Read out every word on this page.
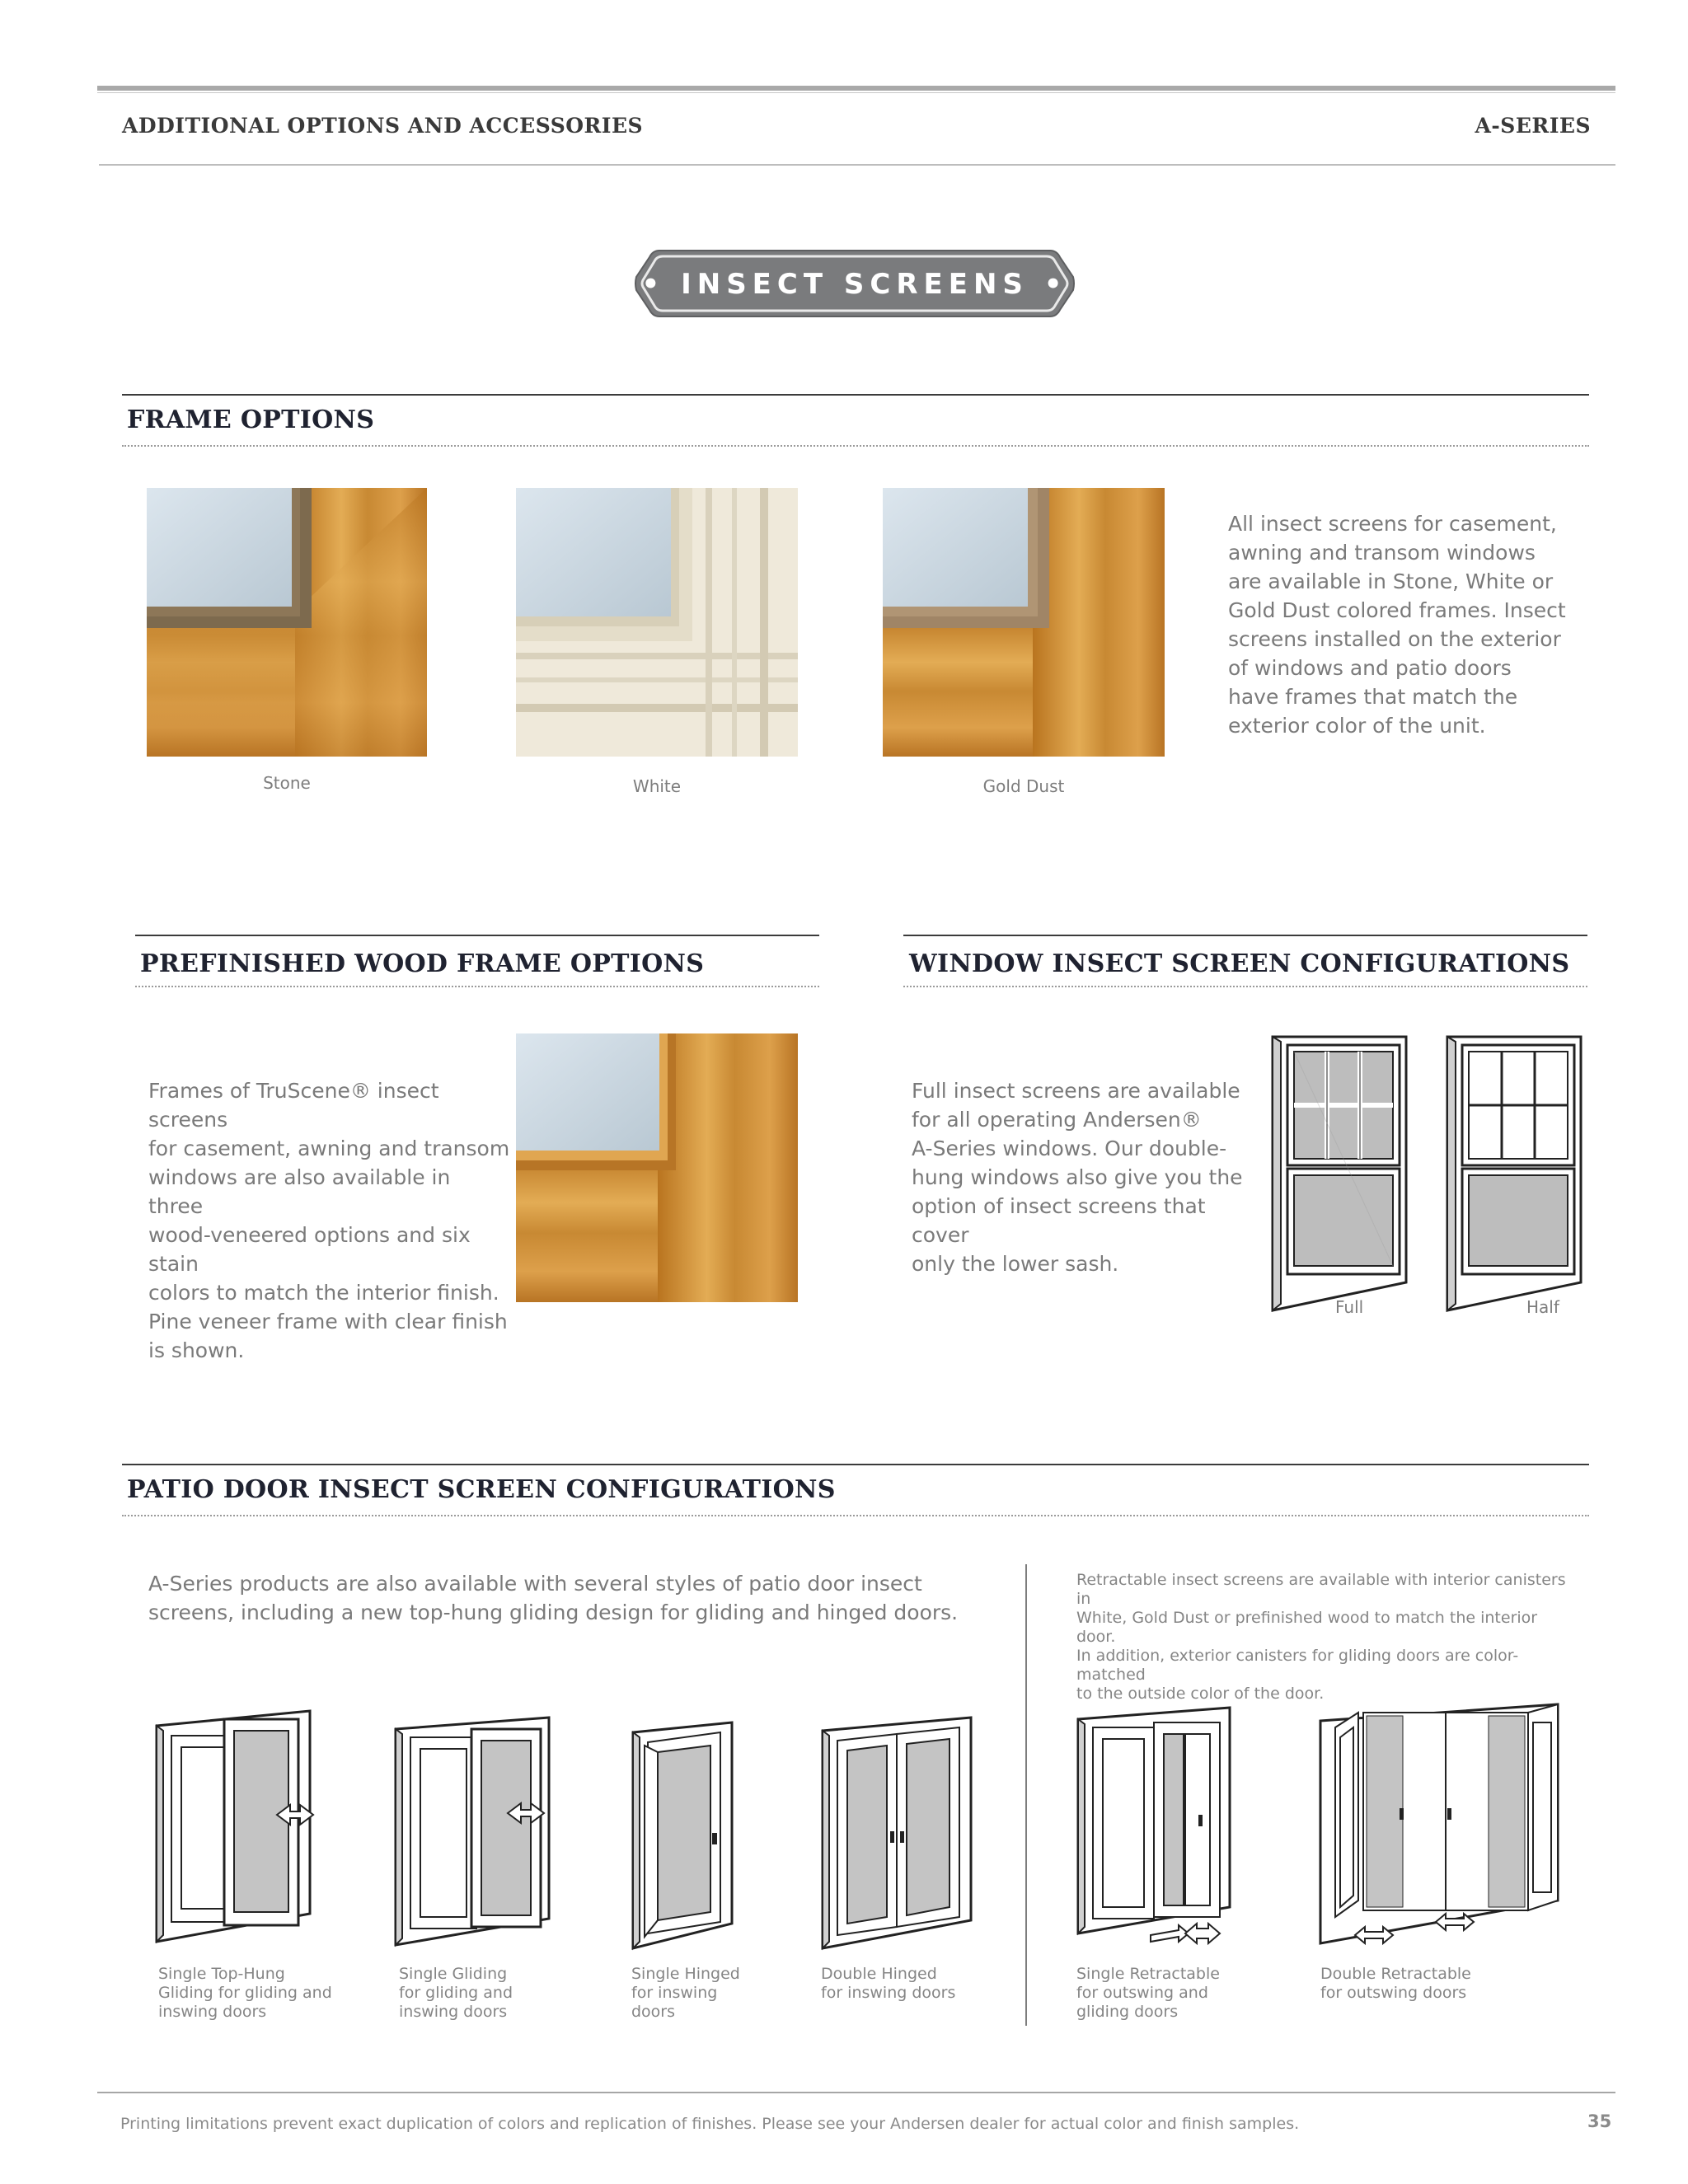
ADDITIONAL OPTIONS AND ACCESSORIES	A-SERIES
• INSECT SCREENS •
FRAME OPTIONS
Stone	White	Gold Dust
All insect screens for casement, awning and transom windows are available in Stone, White or Gold Dust colored frames. Insect screens installed on the exterior of windows and patio doors have frames that match the exterior color of the unit.
PREFINISHED WOOD FRAME OPTIONS
Frames of TruScene® insect screens
for casement, awning and transom
windows are also available in three
wood-veneered options and six stain
colors to match the interior finish.
Pine veneer frame with clear finish
is shown.
WINDOW INSECT SCREEN CONFIGURATIONS
Full insect screens are available
for all operating Andersen®
A-Series windows. Our double-
hung windows also give you the
option of insect screens that cover
only the lower sash.
Full	Half
PATIO DOOR INSECT SCREEN CONFIGURATIONS
A-Series products are also available with several styles of patio door insect
screens, including a new top-hung gliding design for gliding and hinged doors.
Retractable insect screens are available with interior canisters in
White, Gold Dust or prefinished wood to match the interior door.
In addition, exterior canisters for gliding doors are color-matched
to the outside color of the door.
Single Top-Hung
Gliding for gliding and
inswing doors
Single Gliding
for gliding and
inswing doors
Single Hinged
for inswing
doors
Double Hinged
for inswing doors
Single Retractable
for outswing and
gliding doors
Double Retractable
for outswing doors
Printing limitations prevent exact duplication of colors and replication of finishes. Please see your Andersen dealer for actual color and finish samples.	35
